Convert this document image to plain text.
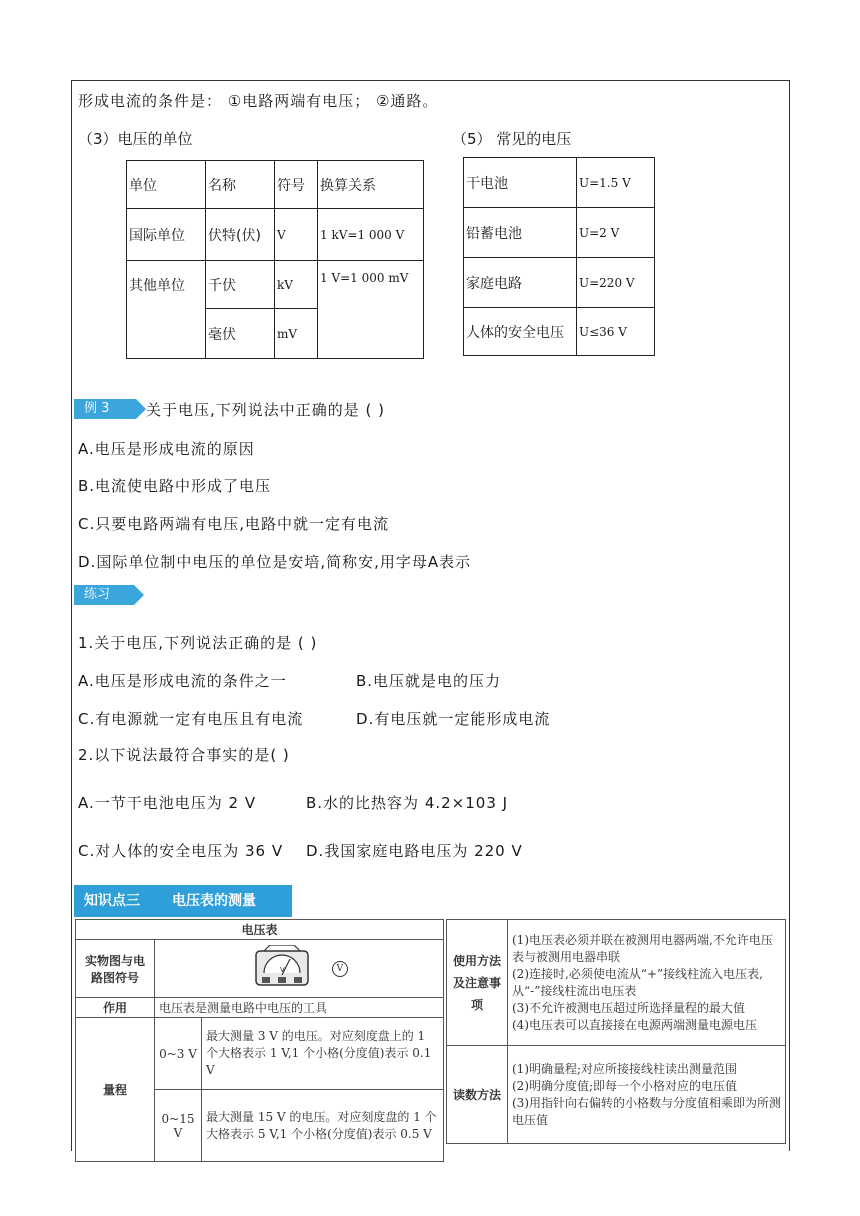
形成电流的条件是： ①电路两端有电压； ②通路。
（3）电压的单位
单位	名称	符号	换算关系
国际单位	伏特(伏)	V	1 kV=1 000 V
其他单位	千伏	kV	1 V=1 000 mV
	毫伏	mV	
（5） 常见的电压
干电池	U=1.5 V
铅蓄电池	U=2 V
家庭电路	U=220 V
人体的安全电压	U≤36 V
例 3	关于电压,下列说法中正确的是 ( )
A.电压是形成电流的原因
B.电流使电路中形成了电压
C.只要电路两端有电压,电路中就一定有电流
D.国际单位制中电压的单位是安培,简称安,用字母A表示
练习
1.关于电压,下列说法正确的是 ( )
A.电压是形成电流的条件之一	B.电压就是电的压力
C.有电源就一定有电压且有电流	D.有电压就一定能形成电流
2.以下说法最符合事实的是( )
A.一节干电池电压为 2 V	B.水的比热容为 4.2×103 J
C.对人体的安全电压为 36 V D.我国家庭电路电压为 220 V
知识点三 电压表的测量
电压表		
实物图与电路图符号	V V	
作用	电压表是测量电路中电压的工具	
量程	0~3 V	最大测量 3 V 的电压。对应刻度盘上的 1 个大格表示 1 V,1 个小格(分度值)表示 0.1 V
	0~15 V	最大测量 15 V 的电压。对应刻度盘的 1 个大格表示 5 V,1 个小格(分度值)表示 0.5 V
使用方法及注意事项	(1)电压表必须并联在被测用电器两端,不允许电压表与被测用电器串联
(2)连接时,必须使电流从“+”接线柱流入电压表,从“-”接线柱流出电压表
(3)不允许被测电压超过所选择量程的最大值
(4)电压表可以直接接在电源两端测量电源电压

读数方法	(1)明确量程;对应所接接线柱读出测量范围
(2)明确分度值;即每一个小格对应的电压值
(3)用指针向右偏转的小格数与分度值相乘即为所测电压值
